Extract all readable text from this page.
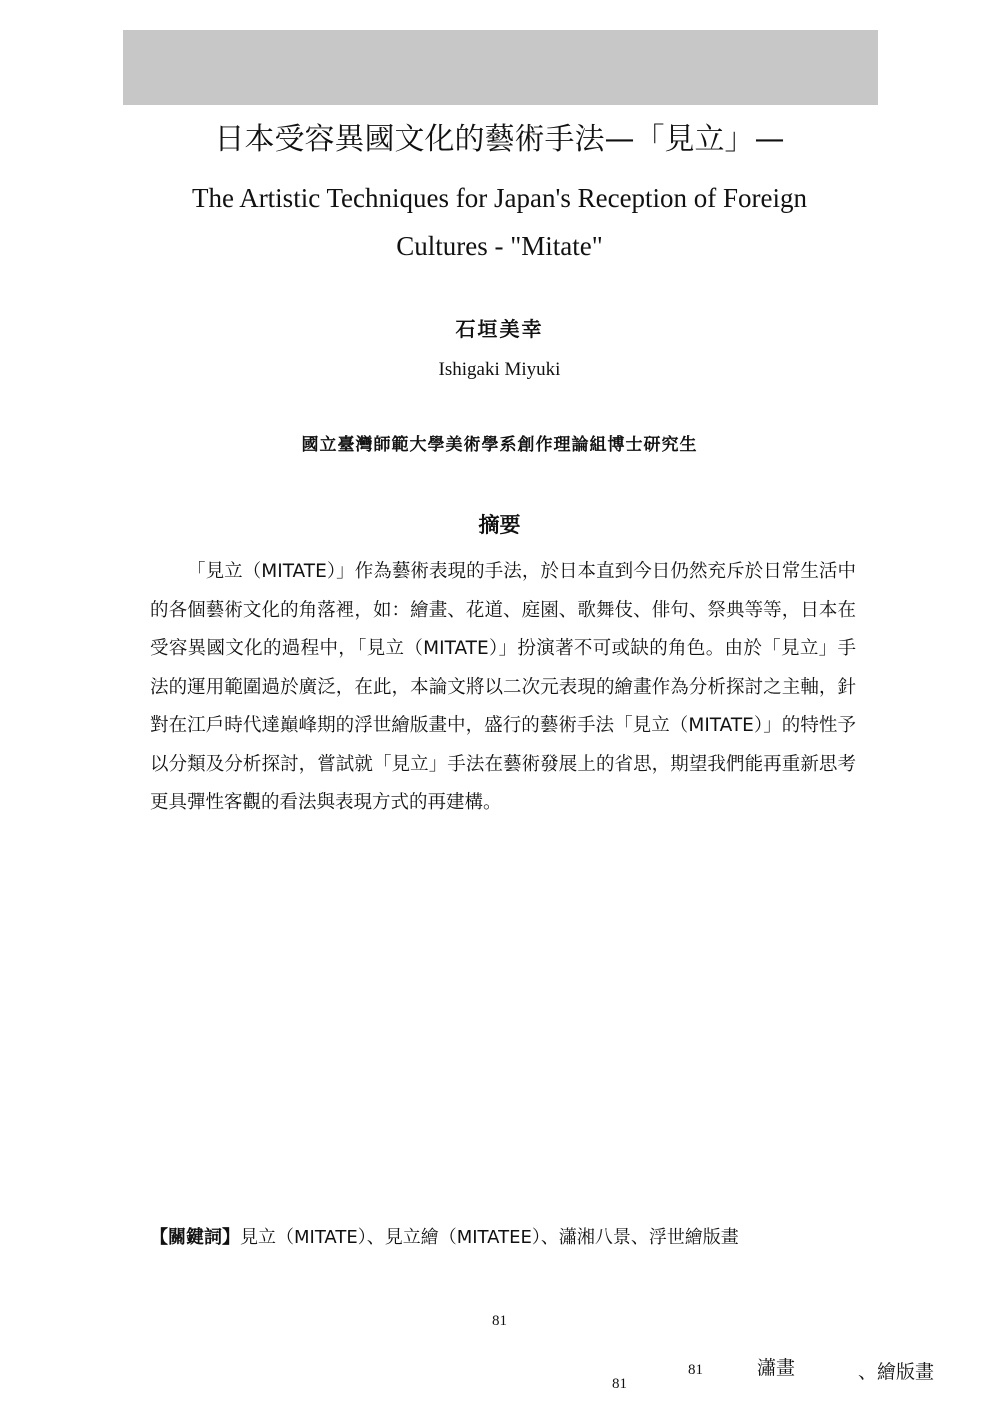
日本受容異國文化的藝術手法—「見立」—
The Artistic Techniques for Japan's Reception of Foreign Cultures - "Mitate"
石垣美幸
Ishigaki Miyuki
國立臺灣師範大學美術學系創作理論組博士研究生
摘要

「見立（MITATE）」作為藝術表現的手法，於日本直到今日仍然充斥於日常生活中的各個藝術文化的角落裡，如：繪畫、花道、庭園、歌舞伎、俳句、祭典等等，日本在受容異國文化的過程中，「見立（MITATE）」扮演著不可或缺的角色。由於「見立」手法的運用範圍過於廣泛，在此，本論文將以二次元表現的繪畫作為分析探討之主軸，針對在江戶時代達巔峰期的浮世繪版畫中，盛行的藝術手法「見立（MITATE）」的特性予以分類及分析探討，嘗試就「見立」手法在藝術發展上的省思，期望我們能再重新思考更具彈性客觀的看法與表現方式的再建構。

【關鍵詞】見立（MITATE）、見立繪（MITATEE）、瀟湘八景、浮世繪版畫
81
81
81	瀟畫	、繪版畫
